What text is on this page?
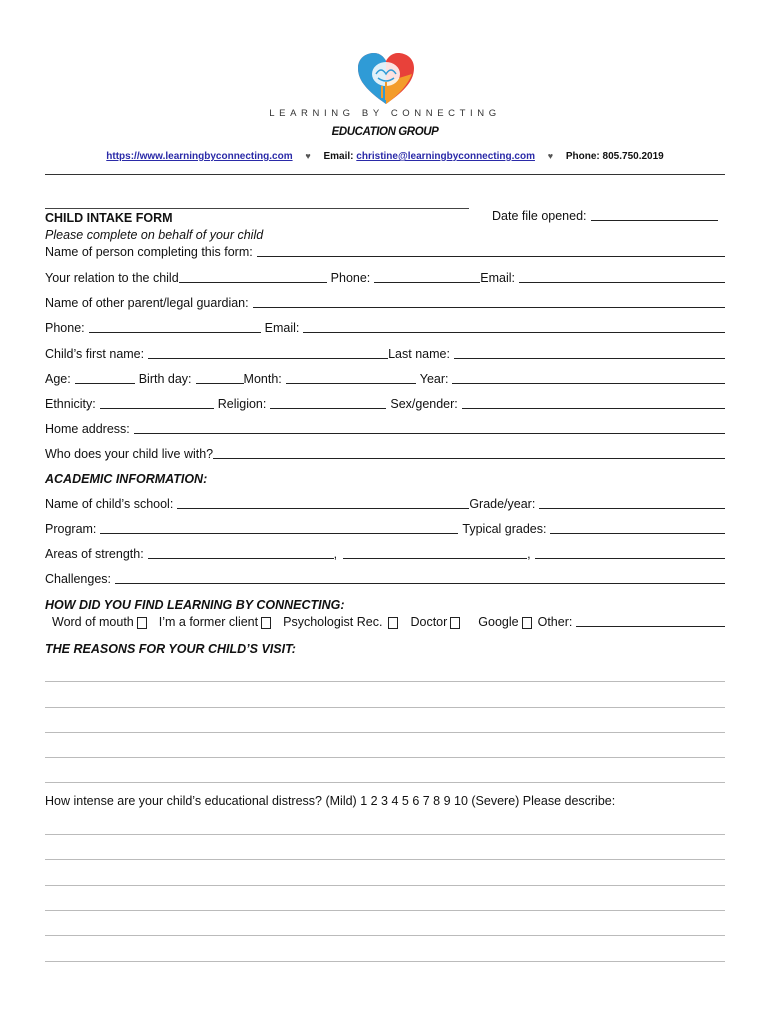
LEARNING BY CONNECTING
EDUCATION GROUP
https://www.learningbyconnecting.com ♥ Email: christine@learningbyconnecting.com ♥ Phone: 805.750.2019
CHILD INTAKE FORM
Please complete on behalf of your child
Date file opened:
Name of person completing this form:
Your relation to the child	Phone:	Email:
Name of other parent/legal guardian:
Phone:	Email:
Child’s first name:	Last name:
Age:	Birth day:	Month:	Year:
Ethnicity:	Religion:	Sex/gender:
Home address:
Who does your child live with?
ACADEMIC INFORMATION:
Name of child’s school:	Grade/year:
Program:	Typical grades:
Areas of strength:	,	,
Challenges:
HOW DID YOU FIND LEARNING BY CONNECTING:
Word of mouth I’m a former client Psychologist Rec. Doctor Google Other:
THE REASONS FOR YOUR CHILD’S VISIT:
How intense are your child’s educational distress? (Mild) 1 2 3 4 5 6 7 8 9 10 (Severe) Please describe:
